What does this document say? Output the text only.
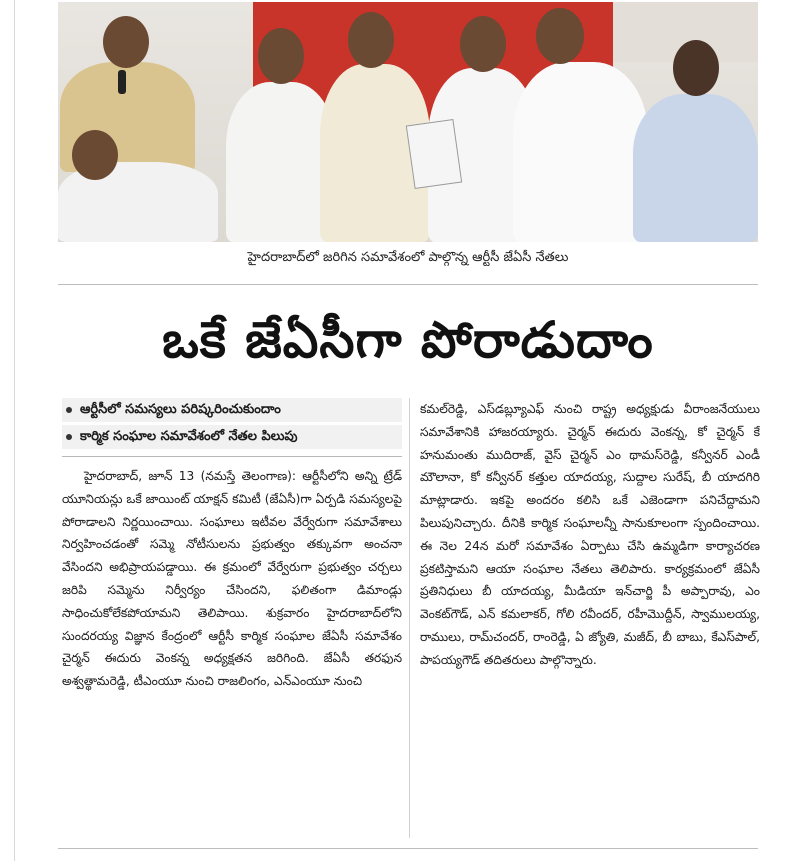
హైదరాబాద్‌లో జరిగిన సమావేశంలో పాల్గొన్న ఆర్టీసీ జేఏసీ నేతలు
ఒకే జేఏసీగా పోరాడుదాం
ఆర్టీసీలో సమస్యలు పరిష్కరించుకుందాం
కార్మిక సంఘాల సమావేశంలో నేతల పిలుపు

హైదరాబాద్, జూన్ 13 (నమస్తే తెలంగాణ): ఆర్టీసీలోని అన్ని ట్రేడ్ యూనియన్లు ఒకే జాయింట్ యాక్షన్ కమిటీ (జేఏసీ)గా ఏర్పడి సమస్యలపై పోరాడాలని నిర్ణయించాయి. సంఘాలు ఇటీవల వేర్వేరుగా సమావేశాలు నిర్వహించడంతో సమ్మె నోటీసులను ప్రభుత్వం తక్కువగా అంచనా వేసిందని అభిప్రాయపడ్డాయి. ఈ క్రమంలో వేర్వేరుగా ప్రభుత్వం చర్చలు జరిపి సమ్మెను నిర్వీర్యం చేసిందని, ఫలితంగా డిమాండ్లు సాధించుకోలేకపోయామని తెలిపాయి. శుక్రవారం హైదరాబాద్‌లోని సుందరయ్య విజ్ఞాన కేంద్రంలో ఆర్టీసీ కార్మిక సంఘాల జేఏసీ సమావేశం చైర్మన్ ఈదురు వెంకన్న అధ్యక్షతన జరిగింది. జేఏసీ తరఫున అశ్వత్థామరెడ్డి, టీఎంయూ నుంచి రాజలింగం, ఎన్ఎంయూ నుంచి

కమల్‌రెడ్డి, ఎస్‌డబ్ల్యూఎఫ్ నుంచి రాష్ట్ర అధ్యక్షుడు వీరాంజనేయులు సమావేశానికి హాజరయ్యారు. చైర్మన్ ఈదురు వెంకన్న, కో చైర్మన్ కే హనుమంతు ముదిరాజ్, వైస్ చైర్మన్ ఎం థామస్‌రెడ్డి, కన్వీనర్ ఎండీ మౌలానా, కో కన్వీనర్ కత్తుల యాదయ్య, సుద్దాల సురేష్, బీ యాదగిరి మాట్లాడారు. ఇకపై అందరం కలిసి ఒకే ఎజెండాగా పనిచేద్దామని పిలుపునిచ్చారు. దీనికి కార్మిక సంఘాలన్నీ సానుకూలంగా స్పందించాయి. ఈ నెల 24న మరో సమావేశం ఏర్పాటు చేసి ఉమ్మడిగా కార్యాచరణ ప్రకటిస్తామని ఆయా సంఘాల నేతలు తెలిపారు. కార్యక్రమంలో జేఏసీ ప్రతినిధులు బీ యాదయ్య, మీడియా ఇన్‌చార్జి పీ అప్పారావు, ఎం వెంకట్‌గౌడ్, ఎన్ కమలాకర్, గోలి రవీందర్, రహీమొద్దీన్, స్వాములయ్య, రాములు, రామ్‌చందర్, రాంరెడ్డి, ఏ జ్యోతి, మజీద్, బీ బాబు, కేఎస్‌పాల్, పాపయ్యగౌడ్ తదితరులు పాల్గొన్నారు.
